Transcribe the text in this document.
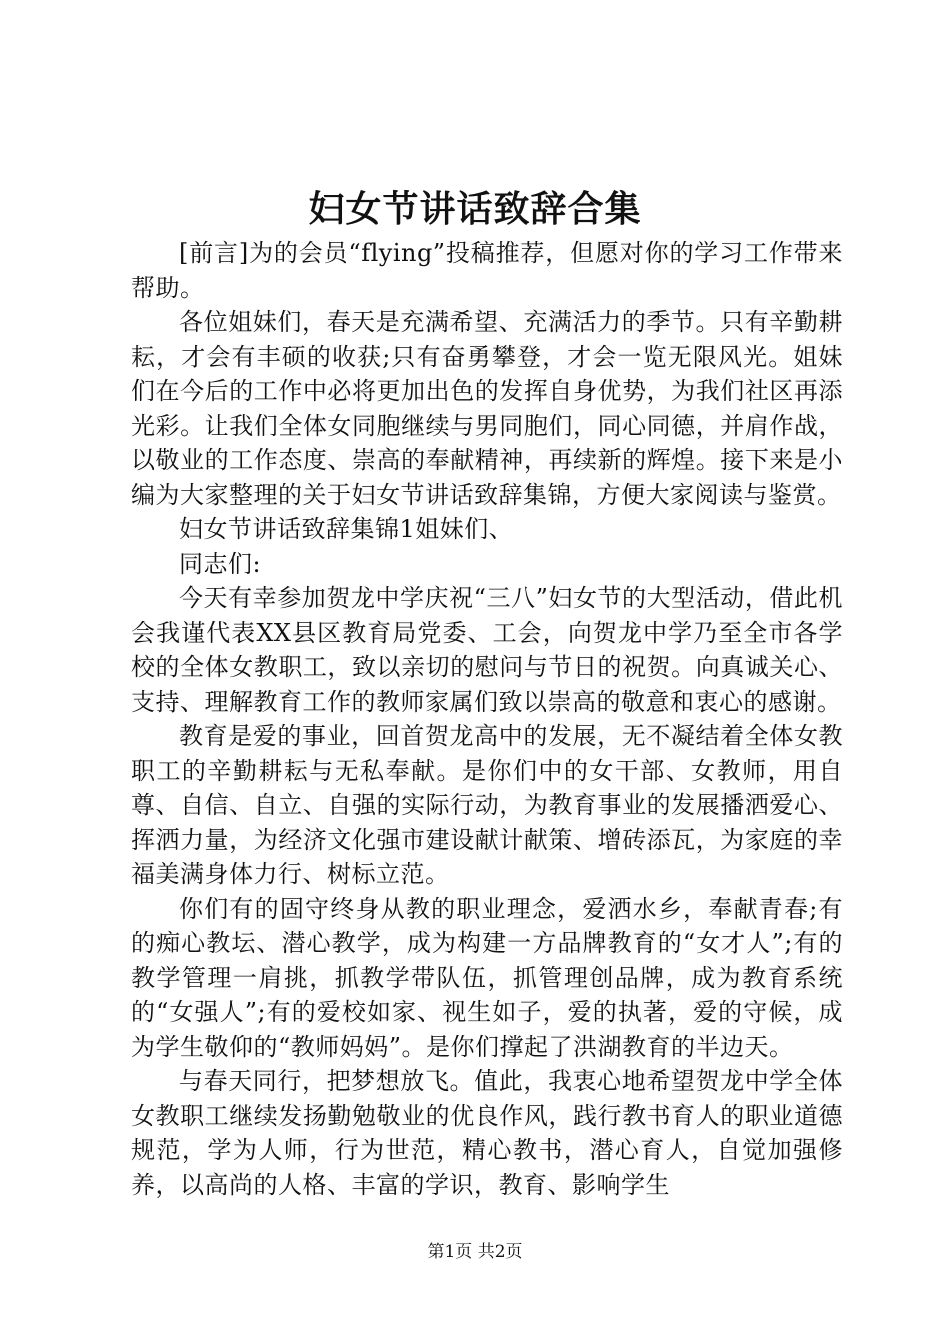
妇女节讲话致辞合集

[前言]为的会员“flying”投稿推荐，但愿对你的学习工作带来帮助。

各位姐妹们，春天是充满希望、充满活力的季节。只有辛勤耕耘，才会有丰硕的收获;只有奋勇攀登，才会一览无限风光。姐妹们在今后的工作中必将更加出色的发挥自身优势，为我们社区再添光彩。让我们全体女同胞继续与男同胞们，同心同德，并肩作战，以敬业的工作态度、崇高的奉献精神，再续新的辉煌。接下来是小编为大家整理的关于妇女节讲话致辞集锦，方便大家阅读与鉴赏。

妇女节讲话致辞集锦1姐妹们、

同志们:

今天有幸参加贺龙中学庆祝“三八”妇女节的大型活动，借此机会我谨代表XX县区教育局党委、工会，向贺龙中学乃至全市各学校的全体女教职工，致以亲切的慰问与节日的祝贺。向真诚关心、支持、理解教育工作的教师家属们致以崇高的敬意和衷心的感谢。

教育是爱的事业，回首贺龙高中的发展，无不凝结着全体女教职工的辛勤耕耘与无私奉献。是你们中的女干部、女教师，用自尊、自信、自立、自强的实际行动，为教育事业的发展播洒爱心、挥洒力量，为经济文化强市建设献计献策、增砖添瓦，为家庭的幸福美满身体力行、树标立范。

你们有的固守终身从教的职业理念，爱洒水乡，奉献青春;有的痴心教坛、潜心教学，成为构建一方品牌教育的“女才人”;有的教学管理一肩挑，抓教学带队伍，抓管理创品牌，成为教育系统的“女强人”;有的爱校如家、视生如子，爱的执著，爱的守候，成为学生敬仰的“教师妈妈”。是你们撑起了洪湖教育的半边天。

与春天同行，把梦想放飞。值此，我衷心地希望贺龙中学全体女教职工继续发扬勤勉敬业的优良作风，践行教书育人的职业道德规范，学为人师，行为世范，精心教书，潜心育人，自觉加强修养，以高尚的人格、丰富的学识，教育、影响学生

第1页 共2页
